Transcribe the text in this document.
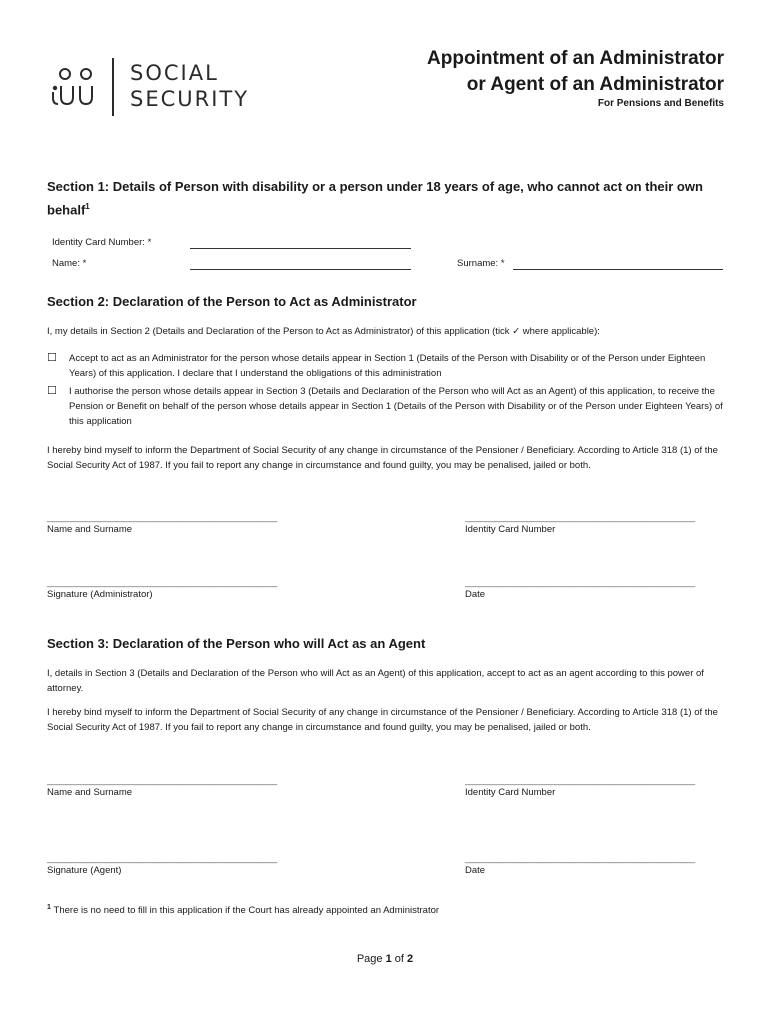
SOCIAL
SECURITY
Appointment of an Administrator
or Agent of an Administrator
For Pensions and Benefits
Section 1: Details of Person with disability or a person under 18 years of age, who cannot act on their own behalf$^1$
Identity Card Number: *
Name: *	Surname: *
Section 2: Declaration of the Person to Act as Administrator
I, my details in Section 2 (Details and Declaration of the Person to Act as Administrator) of this application (tick ✓ where applicable):
☐ Accept to act as an Administrator for the person whose details appear in Section 1 (Details of the Person with Disability or of the Person under Eighteen Years) of this application. I declare that I understand the obligations of this administration
☐ I authorise the person whose details appear in Section 3 (Details and Declaration of the Person who will Act as an Agent) of this application, to receive the Pension or Benefit on behalf of the person whose details appear in Section 1 (Details of the Person with Disability or of the Person under Eighteen Years) of this application
I hereby bind myself to inform the Department of Social Security of any change in circumstance of the Pensioner / Beneficiary. According to Article 318 (1) of the Social Security Act of 1987. If you fail to report any change in circumstance and found guilty, you may be penalised, jailed or both.
________________________________________________	________________________________________________
Name and Surname	Identity Card Number
________________________________________________	________________________________________________
Signature (Administrator)	Date
Section 3: Declaration of the Person who will Act as an Agent
I, details in Section 3 (Details and Declaration of the Person who will Act as an Agent) of this application, accept to act as an agent according to this power of attorney.
I hereby bind myself to inform the Department of Social Security of any change in circumstance of the Pensioner / Beneficiary. According to Article 318 (1) of the Social Security Act of 1987. If you fail to report any change in circumstance and found guilty, you may be penalised, jailed or both.
________________________________________________	________________________________________________
Name and Surname	Identity Card Number
________________________________________________	________________________________________________
Signature (Agent)	Date
$^1$ There is no need to fill in this application if the Court has already appointed an Administrator
Page 1 of 2
